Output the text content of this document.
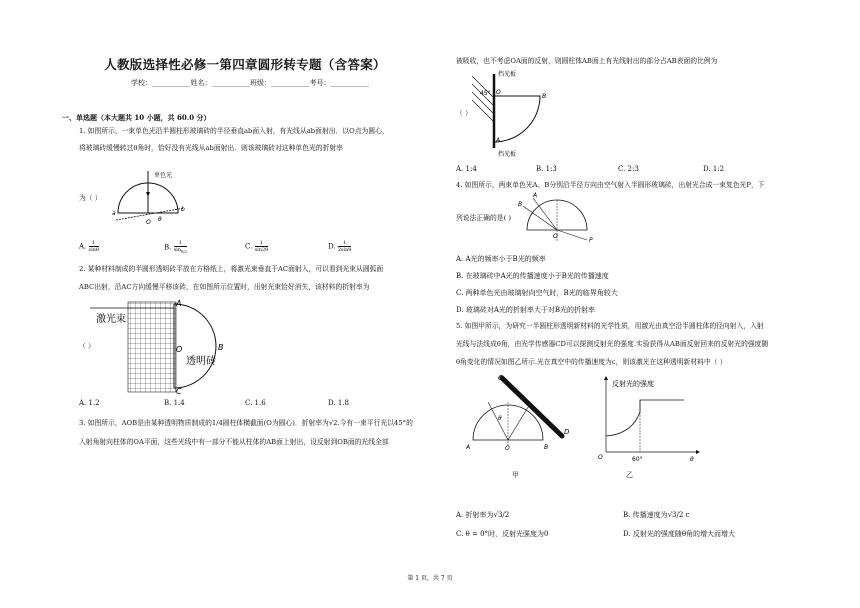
人教版选择性必修一第四章圆形转专题（含答案）
学校：___________姓名：___________班级：___________考号：___________
一、单选题（本大题共 10 小题，共 60.0 分）
1. 如图所示，一束单色光沿半圆柱形玻璃砖的半径垂直ab面入射，有光线从ab面射出．以O点为圆心，
将玻璃砖缓慢转过θ角时，恰好没有光线从ab面射出．则该玻璃砖对这种单色光的折射率
为（ ）
单色光
a
b
O θ
A. $\frac{1}{\sin\theta}$	B. $\frac{1}{\sin_{\theta/2}}$	C. $\frac{1}{\sin 2\theta}$	D. $\frac{1}{2\sin\theta}$
2. 某种材料制成的半圆形透明砖平放在方格纸上，将激光束垂直于AC面射入，可以看到光束从圆弧面
ABC出射，沿AC方向缓慢平移该砖，在如图所示位置时，出射光束恰好消失，该材料的折射率为
（ ）
激光束
透明砖
A
B
C
O
A. 1.2	B. 1.4	C. 1.6	D. 1.8
3. 如图所示，AOB是由某种透明物质制成的1/4圆柱体横截面(O为圆心)．折射率为√2.今有一束平行光以45°的
入射角射向柱体的OA平面，这些光线中有一部分不能从柱体的AB面上射出，设反射到OB面的光线全部
被吸收，也不考虑OA面的反射，则圆柱体AB面上有光线射出的部分占AB表面的比例为
（ ）
挡光板
挡光板
45° O
B
A
A. 1:4	B. 1:3	C. 2:3	D. 1:2
4. 如图所示，两束单色光A、B分别沿半径方向由空气射入半圆形玻璃砖，出射光合成一束复色光P，下
列说法正确的是( )
A
B
O
P
A. A光的频率小于B光的频率
B. 在玻璃砖中A光的传播速度小于B光的传播速度
C. 两种单色光由玻璃射向空气时，B光的临界角较大
D. 玻璃砖对A光的折射率大于对B光的折射率
5. 如图甲所示，为研究一半圆柱形透明新材料的光学性质，用激光由真空沿半圆柱体的径向射入，入射
光线与法线成θ角，由光学传感器CD可以探测反射光的强度.实验获得从AB面反射回来的反射光的强度随
θ角变化的情况如图乙所示.光在真空中的传播速度为c，则该激光在这种透明新材料中（ ）
C
D
A	B
O
θ
甲
反射光的强度
60°
O	θ
乙
A. 折射率为√3/2	B. 传播速度为√3/2 c
C. θ = 0°时，反射光强度为0	D. 反射光的强度随θ角的增大而增大
第 1 页，共 7 页
